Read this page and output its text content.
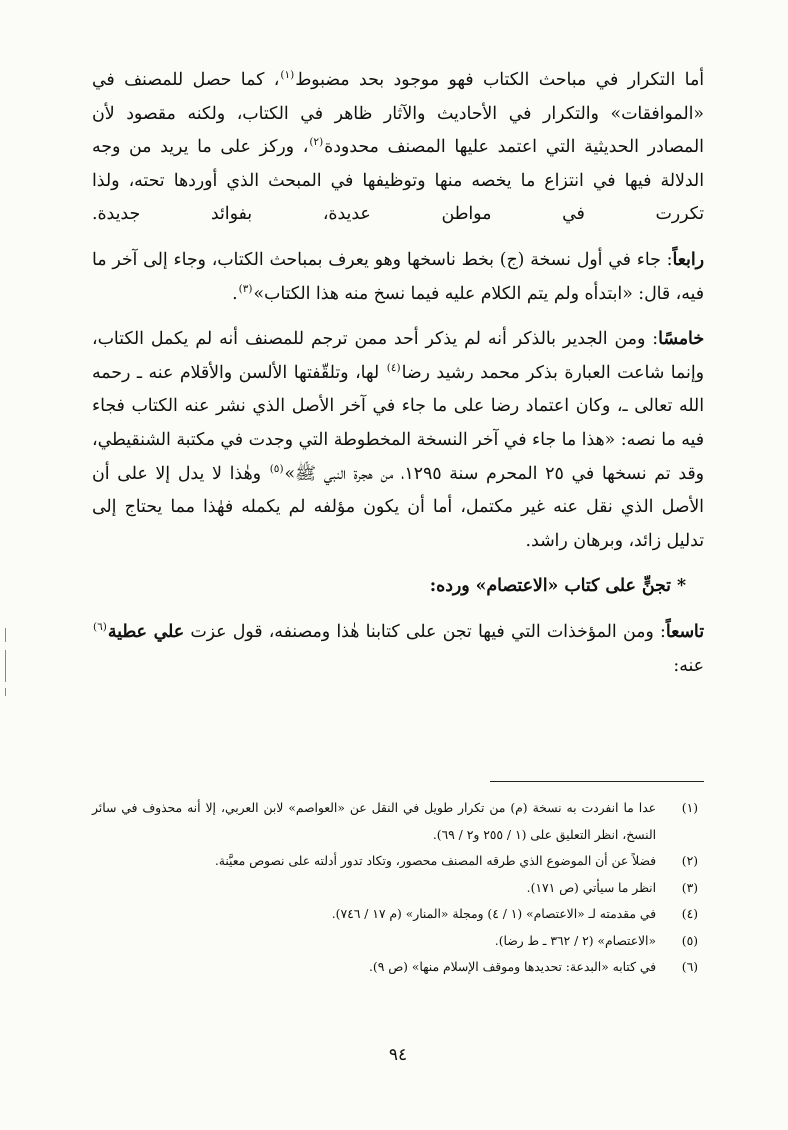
أما التكرار في مباحث الكتاب فهو موجود بحد مضبوط(١)، كما حصل للمصنف في «الموافقات» والتكرار في الأحاديث والآثار ظاهر في الكتاب، ولكنه مقصود لأن المصادر الحديثية التي اعتمد عليها المصنف محدودة(٢)، وركز على ما يريد من وجه الدلالة فيها في انتزاع ما يخصه منها وتوظيفها في المبحث الذي أوردها تحته، ولذا تكررت في مواطن عديدة، بفوائد جديدة.

رابعاً: جاء في أول نسخة (ج) بخط ناسخها وهو يعرف بمباحث الكتاب، وجاء إلى آخر ما فيه، قال: «ابتدأه ولم يتم الكلام عليه فيما نسخ منه هذا الكتاب»(٣).

خامسًا: ومن الجدير بالذكر أنه لم يذكر أحد ممن ترجم للمصنف أنه لم يكمل الكتاب، وإنما شاعت العبارة بذكر محمد رشيد رضا(٤) لها، وتلقّفتها الألسن والأقلام عنه ـ رحمه الله تعالى ـ، وكان اعتماد رضا على ما جاء في آخر الأصل الذي نشر عنه الكتاب فجاء فيه ما نصه: «هذا ما جاء في آخر النسخة المخطوطة التي وجدت في مكتبة الشنقيطي، وقد تم نسخها في ٢٥ المحرم سنة ١٢٩٥، من هجرة النبي ﷺ»(٥) وهٰذا لا يدل إلا على أن الأصل الذي نقل عنه غير مكتمل، أما أن يكون مؤلفه لم يكمله فهٰذا مما يحتاج إلى تدليل زائد، وبرهان راشد.

* تجنٍّ على كتاب «الاعتصام» ورده:

تاسعاً: ومن المؤخذات التي فيها تجن على كتابنا هٰذا ومصنفه، قول عزت علي عطية(٦) عنه:

(١)
عدا ما انفردت به نسخة (م) من تكرار طويل في النقل عن «العواصم» لابن العربي، إلا أنه محذوف في سائر النسخ، انظر التعليق على (١ / ٢٥٥ و٢ / ٦٩).
(٢)
فضلاً عن أن الموضوع الذي طرقه المصنف محصور، وتكاد تدور أدلته على نصوص معيَّنة.
(٣)
انظر ما سيأتي (ص ١٧١).
(٤)
في مقدمته لـ «الاعتصام» (١ / ٤) ومجلة «المنار» (م ١٧ / ٧٤٦).
(٥)
«الاعتصام» (٢ / ٣٦٢ ـ ط رضا).
(٦)
في كتابه «البدعة: تحديدها وموقف الإسلام منها» (ص ٩).
٩٤
